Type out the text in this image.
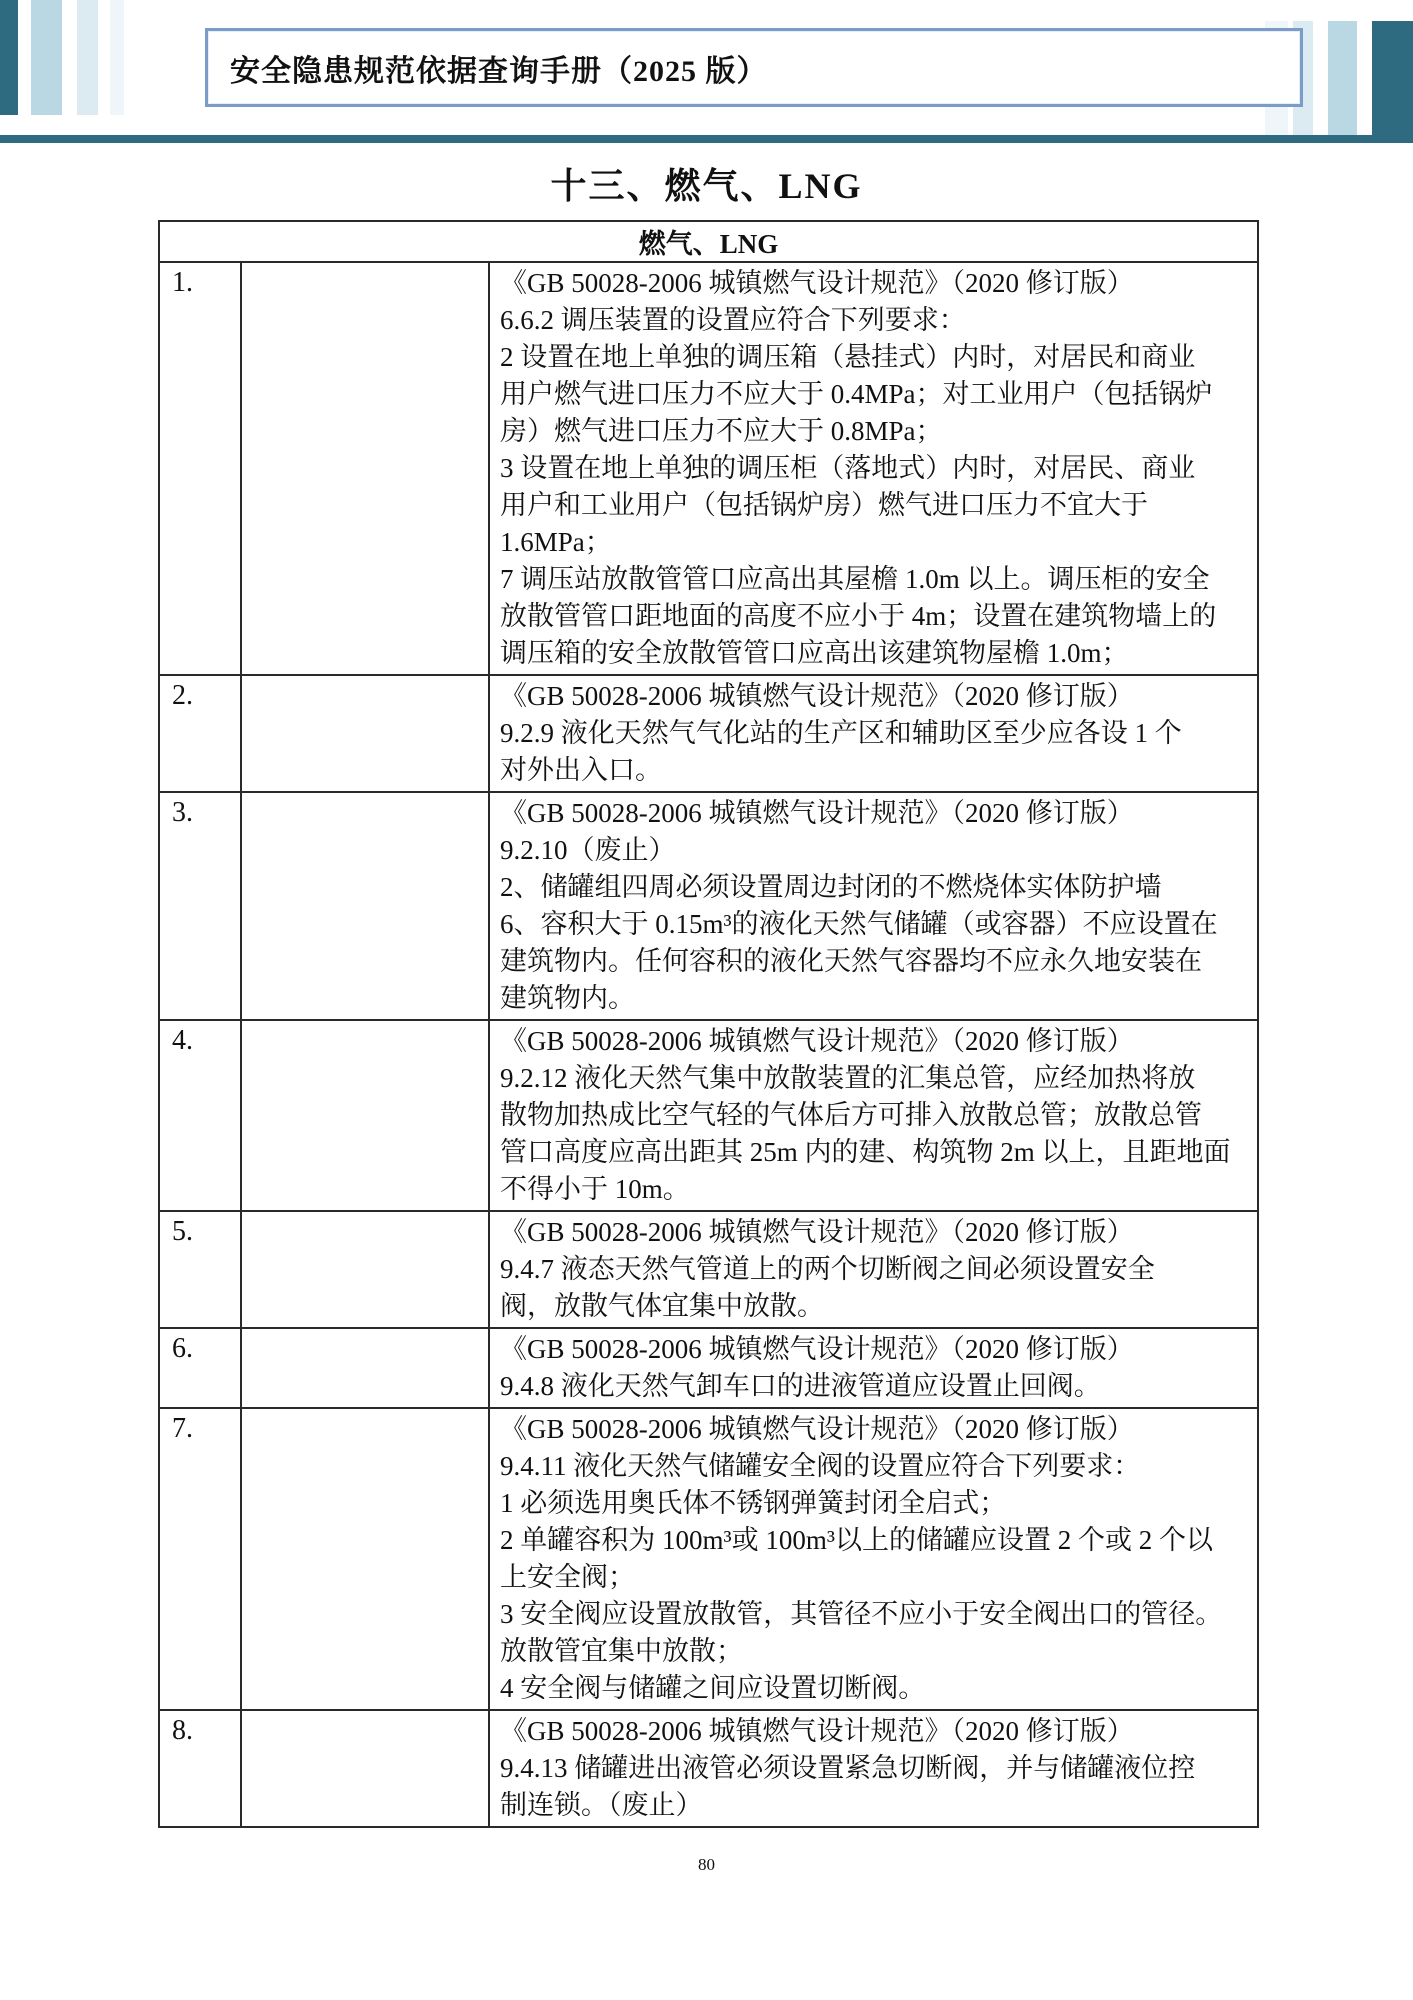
安全隐患规范依据查询手册（2025 版）
十三、燃气、LNG
燃气、LNG		
1.		《GB 50028-2006 城镇燃气设计规范》（2020 修订版）
6.6.2 调压装置的设置应符合下列要求：
2 设置在地上单独的调压箱（悬挂式）内时，对居民和商业
用户燃气进口压力不应大于 0.4MPa；对工业用户（包括锅炉
房）燃气进口压力不应大于 0.8MPa；
3 设置在地上单独的调压柜（落地式）内时，对居民、商业
用户和工业用户（包括锅炉房）燃气进口压力不宜大于
1.6MPa；
7 调压站放散管管口应高出其屋檐 1.0m 以上。调压柜的安全
放散管管口距地面的高度不应小于 4m；设置在建筑物墙上的
调压箱的安全放散管管口应高出该建筑物屋檐 1.0m；

2.		《GB 50028-2006 城镇燃气设计规范》（2020 修订版）
9.2.9 液化天然气气化站的生产区和辅助区至少应各设 1 个
对外出入口。

3.		《GB 50028-2006 城镇燃气设计规范》（2020 修订版）
9.2.10（废止）
2、储罐组四周必须设置周边封闭的不燃烧体实体防护墙
6、容积大于 0.15m³的液化天然气储罐（或容器）不应设置在
建筑物内。任何容积的液化天然气容器均不应永久地安装在
建筑物内。

4.		《GB 50028-2006 城镇燃气设计规范》（2020 修订版）
9.2.12 液化天然气集中放散装置的汇集总管，应经加热将放
散物加热成比空气轻的气体后方可排入放散总管；放散总管
管口高度应高出距其 25m 内的建、构筑物 2m 以上，且距地面
不得小于 10m。

5.		《GB 50028-2006 城镇燃气设计规范》（2020 修订版）
9.4.7 液态天然气管道上的两个切断阀之间必须设置安全
阀，放散气体宜集中放散。

6.		《GB 50028-2006 城镇燃气设计规范》（2020 修订版）
9.4.8 液化天然气卸车口的进液管道应设置止回阀。

7.		《GB 50028-2006 城镇燃气设计规范》（2020 修订版）
9.4.11 液化天然气储罐安全阀的设置应符合下列要求：
1 必须选用奥氏体不锈钢弹簧封闭全启式；
2 单罐容积为 100m³或 100m³以上的储罐应设置 2 个或 2 个以
上安全阀；
3 安全阀应设置放散管，其管径不应小于安全阀出口的管径。
放散管宜集中放散；
4 安全阀与储罐之间应设置切断阀。

8.		《GB 50028-2006 城镇燃气设计规范》（2020 修订版）
9.4.13 储罐进出液管必须设置紧急切断阀，并与储罐液位控
制连锁。（废止）
80
